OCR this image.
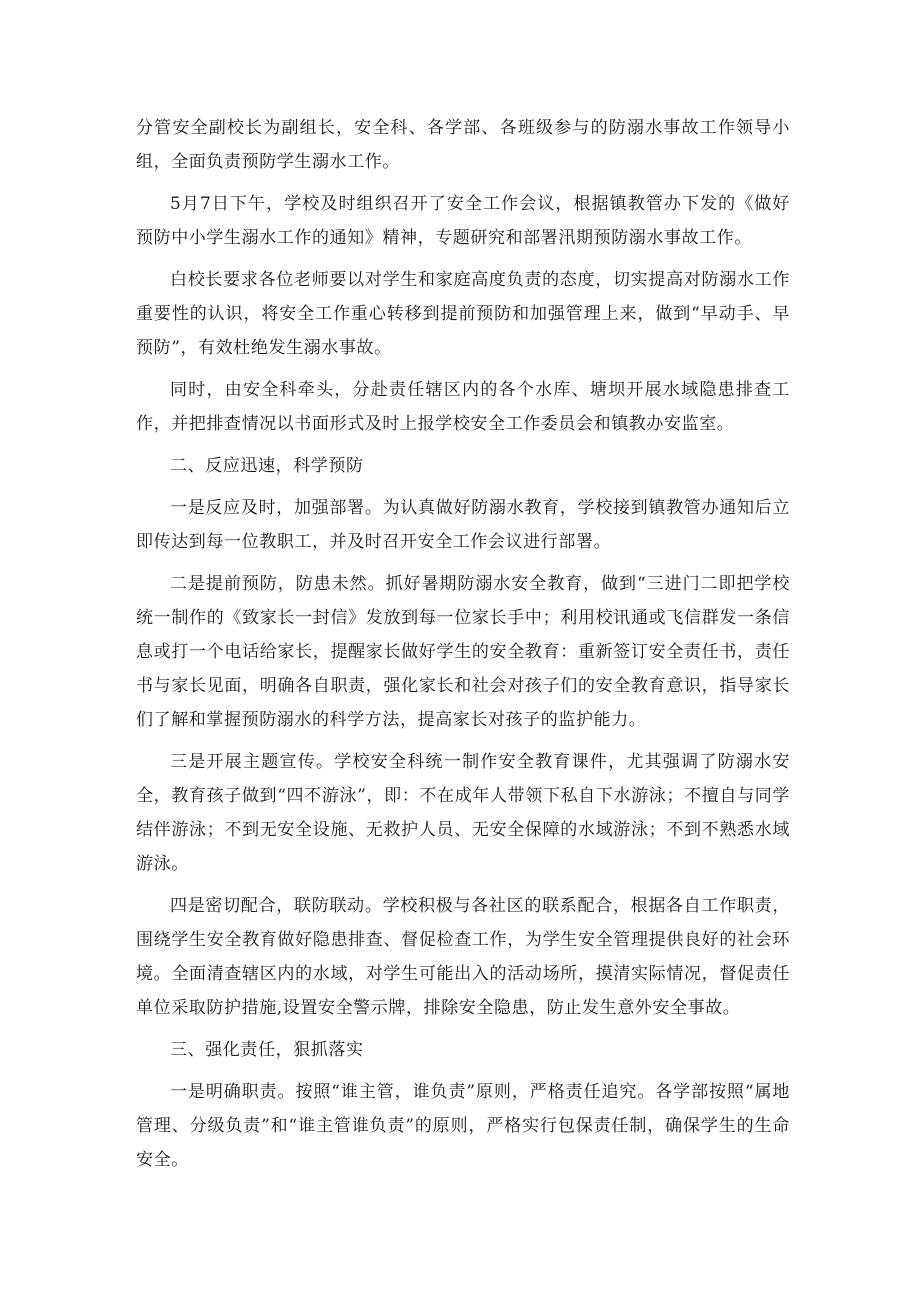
分管安全副校长为副组长，安全科、各学部、各班级参与的防溺水事故工作领导小组，全面负责预防学生溺水工作。

5月7日下午，学校及时组织召开了安全工作会议，根据镇教管办下发的《做好预防中小学生溺水工作的通知》精神，专题研究和部署汛期预防溺水事故工作。

白校长要求各位老师要以对学生和家庭高度负责的态度，切实提高对防溺水工作重要性的认识，将安全工作重心转移到提前预防和加强管理上来，做到“早动手、早预防”，有效杜绝发生溺水事故。

同时，由安全科牵头，分赴责任辖区内的各个水库、塘坝开展水域隐患排查工作，并把排查情况以书面形式及时上报学校安全工作委员会和镇教办安监室。

二、反应迅速，科学预防

一是反应及时，加强部署。为认真做好防溺水教育，学校接到镇教管办通知后立即传达到每一位教职工，并及时召开安全工作会议进行部署。

二是提前预防，防患未然。抓好暑期防溺水安全教育，做到“三进门二即把学校统一制作的《致家长一封信》发放到每一位家长手中；利用校讯通或飞信群发一条信息或打一个电话给家长，提醒家长做好学生的安全教育：重新签订安全责任书，责任书与家长见面，明确各自职责，强化家长和社会对孩子们的安全教育意识，指导家长们了解和掌握预防溺水的科学方法，提高家长对孩子的监护能力。

三是开展主题宣传。学校安全科统一制作安全教育课件，尤其强调了防溺水安全，教育孩子做到“四不游泳”，即：不在成年人带领下私自下水游泳；不擅自与同学结伴游泳；不到无安全设施、无救护人员、无安全保障的水域游泳；不到不熟悉水域游泳。

四是密切配合，联防联动。学校积极与各社区的联系配合，根据各自工作职责，围绕学生安全教育做好隐患排查、督促检查工作，为学生安全管理提供良好的社会环境。全面清查辖区内的水域，对学生可能出入的活动场所，摸清实际情况，督促责任单位采取防护措施,设置安全警示牌，排除安全隐患，防止发生意外安全事故。

三、强化责任，狠抓落实

一是明确职责。按照“谁主管，谁负责”原则，严格责任追究。各学部按照“属地管理、分级负责”和“谁主管谁负责”的原则，严格实行包保责任制，确保学生的生命安全。
